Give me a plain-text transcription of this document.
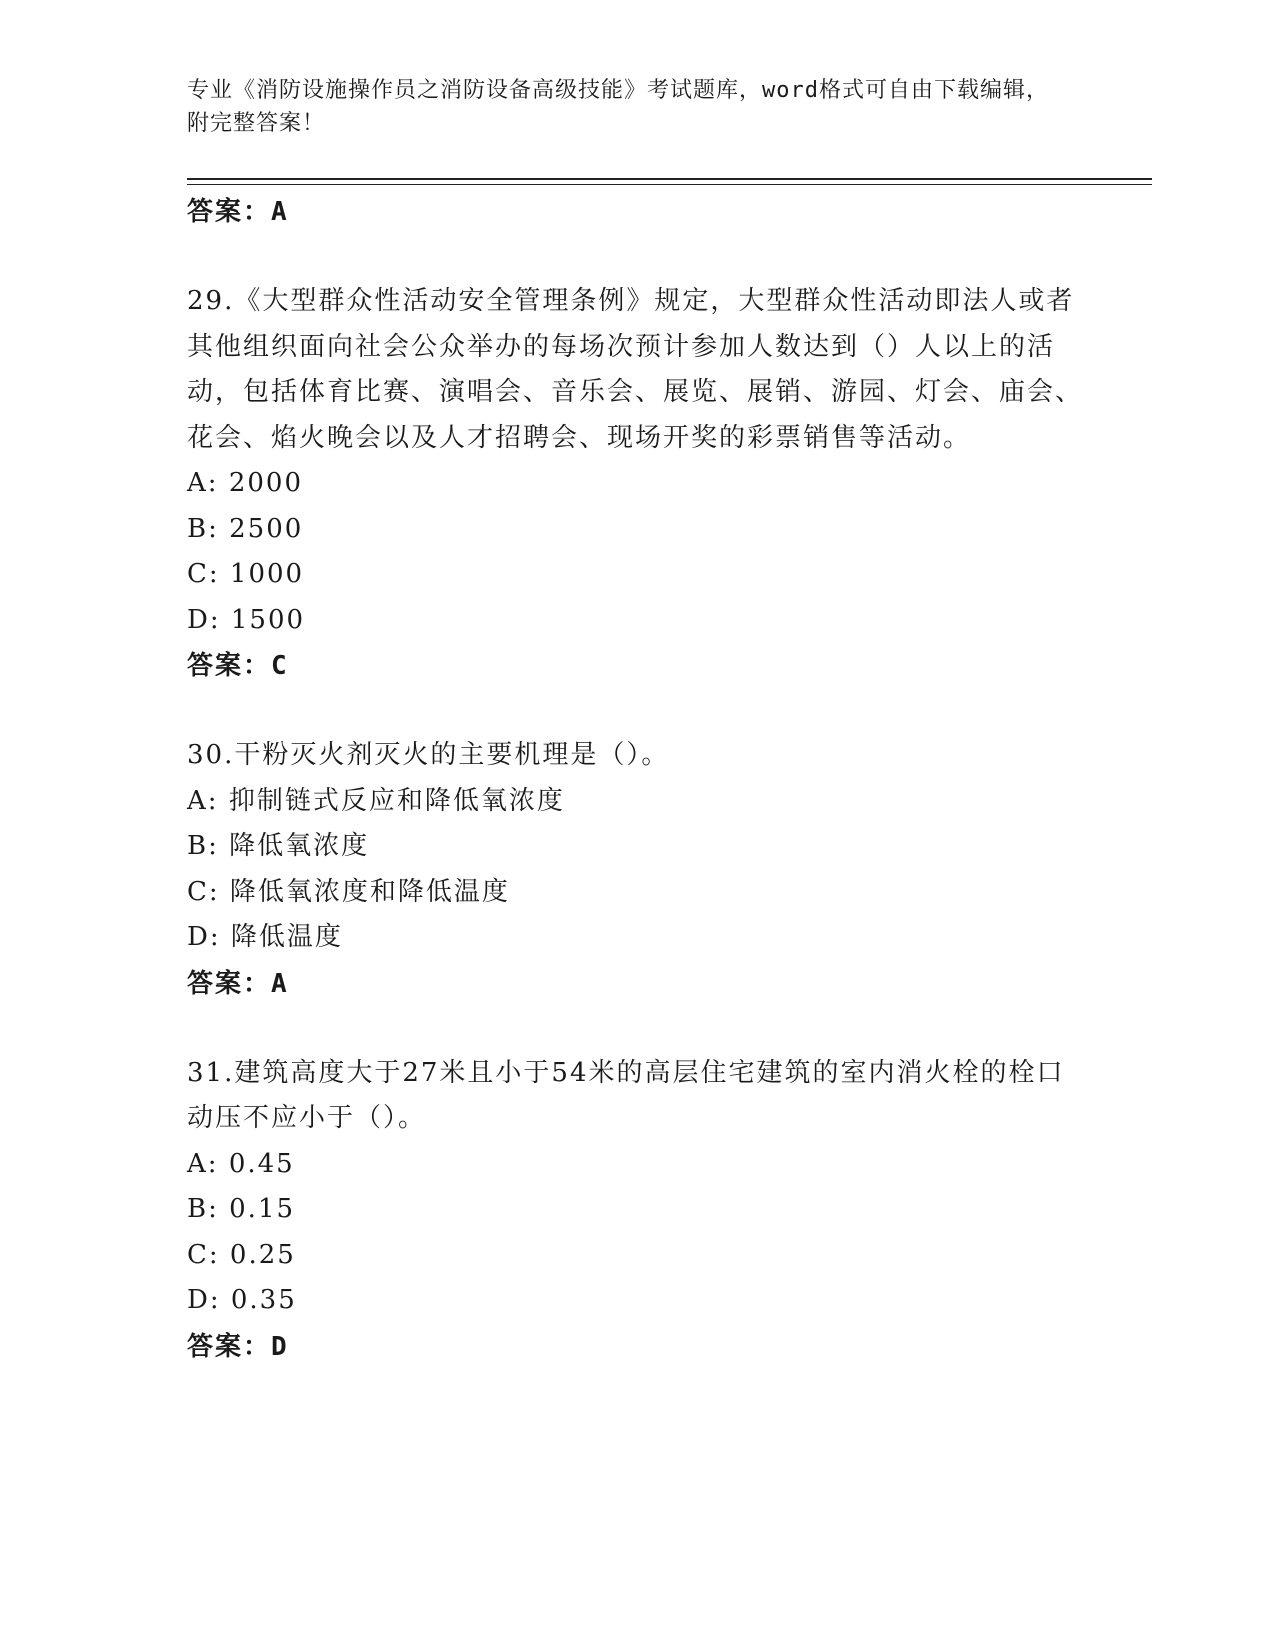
专业《消防设施操作员之消防设备高级技能》考试题库，word格式可自由下载编辑，附完整答案！
答案：A
29.《大型群众性活动安全管理条例》规定，大型群众性活动即法人或者其他组织面向社会公众举办的每场次预计参加人数达到（）人以上的活动，包括体育比赛、演唱会、音乐会、展览、展销、游园、灯会、庙会、花会、焰火晚会以及人才招聘会、现场开奖的彩票销售等活动。
A: 2000
B: 2500
C: 1000
D: 1500
答案：C
30.干粉灭火剂灭火的主要机理是（）。
A: 抑制链式反应和降低氧浓度
B: 降低氧浓度
C: 降低氧浓度和降低温度
D: 降低温度
答案：A
31.建筑高度大于27米且小于54米的高层住宅建筑的室内消火栓的栓口动压不应小于（）。
A: 0.45
B: 0.15
C: 0.25
D: 0.35
答案：D
